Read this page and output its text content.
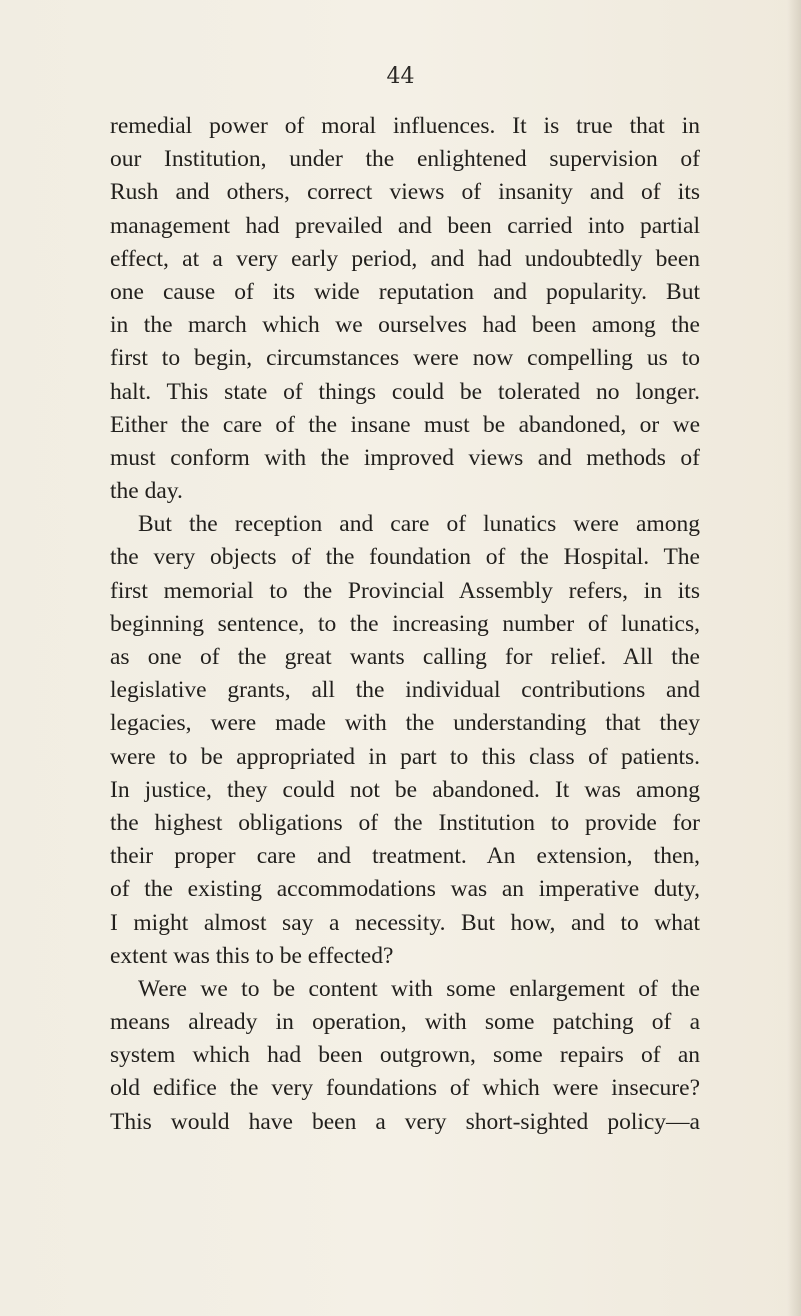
44
remedial power of moral influences. It is true that in
our Institution, under the enlightened supervision of
Rush and others, correct views of insanity and of its
management had prevailed and been carried into partial
effect, at a very early period, and had undoubtedly been
one cause of its wide reputation and popularity. But
in the march which we ourselves had been among the
first to begin, circumstances were now compelling us to
halt. This state of things could be tolerated no longer.
Either the care of the insane must be abandoned, or we
must conform with the improved views and methods of
the day.
But the reception and care of lunatics were among
the very objects of the foundation of the Hospital. The
first memorial to the Provincial Assembly refers, in its
beginning sentence, to the increasing number of lunatics,
as one of the great wants calling for relief. All the
legislative grants, all the individual contributions and
legacies, were made with the understanding that they
were to be appropriated in part to this class of patients.
In justice, they could not be abandoned. It was among
the highest obligations of the Institution to provide for
their proper care and treatment. An extension, then,
of the existing accommodations was an imperative duty,
I might almost say a necessity. But how, and to what
extent was this to be effected?
Were we to be content with some enlargement of the
means already in operation, with some patching of a
system which had been outgrown, some repairs of an
old edifice the very foundations of which were insecure?
This would have been a very short-sighted policy—a
